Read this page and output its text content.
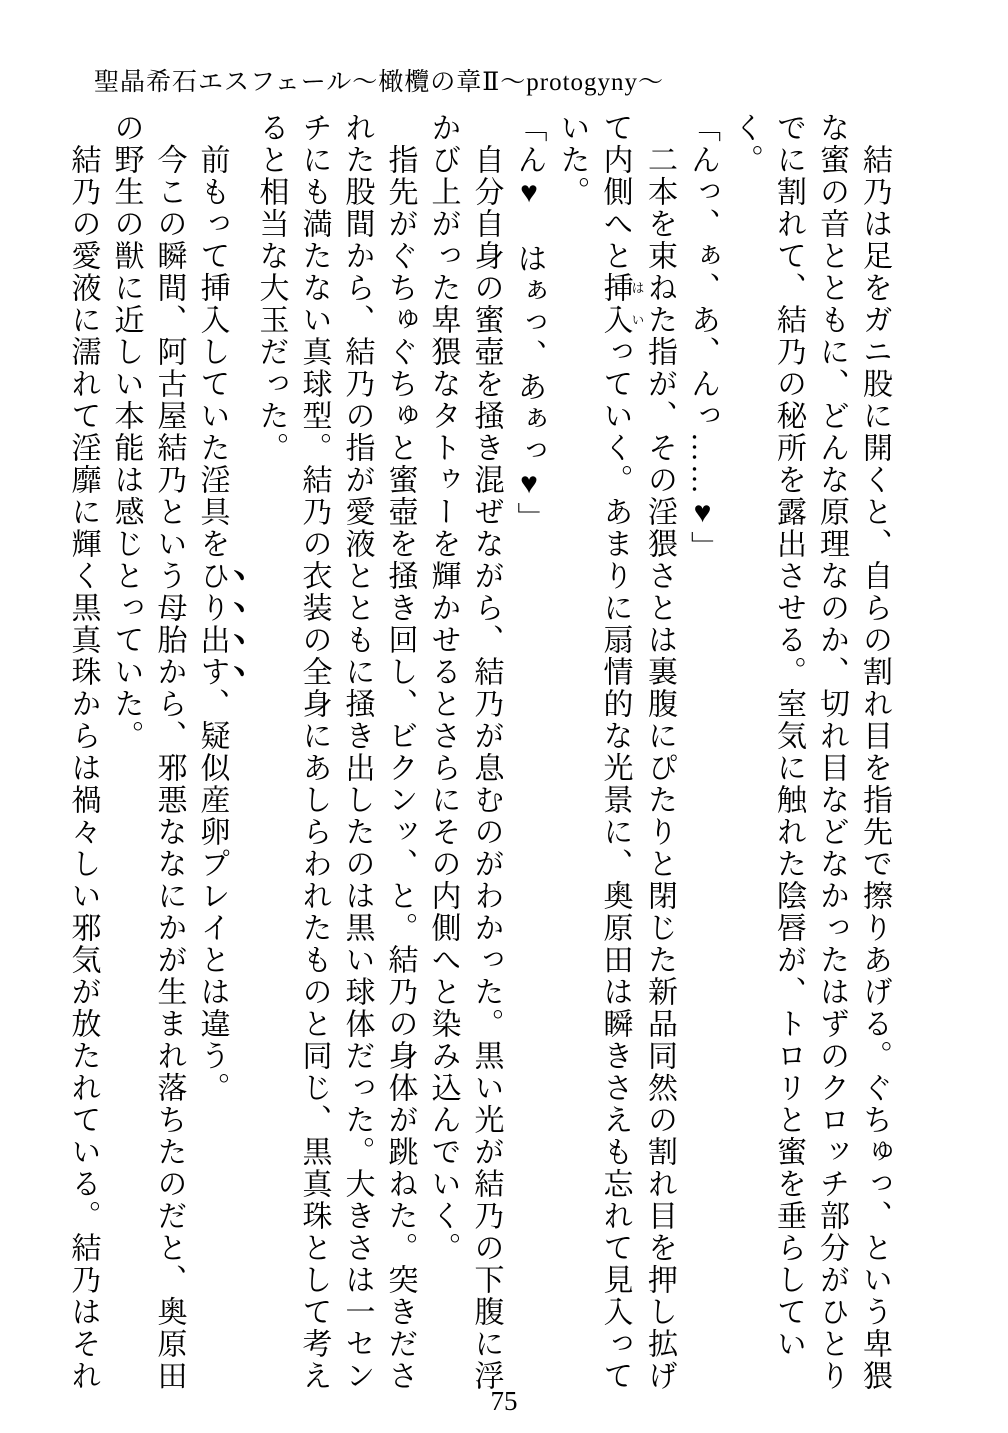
聖晶希石エスフェール～橄欖の章Ⅱ～protogyny～

結乃は足をガニ股に開くと、自らの割れ目を指先で擦りあげる。ぐちゅっ、という卑猥な蜜の音とともに、どんな原理なのか、切れ目などなかったはずのクロッチ部分がひとりでに割れて、結乃の秘所を露出させる。室気に触れた陰唇が、トロリと蜜を垂らしていく。

「んっ、ぁ、あ、んっ……♥」

二本を束ねた指が、その淫猥さとは裏腹にぴたりと閉じた新品同然の割れ目を押し拡げて内側へと挿入はいっていく。あまりに扇情的な光景に、奥原田は瞬きさえも忘れて見入っていた。

「ん♥　はぁっ、あぁっ♥」

自分自身の蜜壺を掻き混ぜながら、結乃が息むのがわかった。黒い光が結乃の下腹に浮かび上がった卑猥なタトゥーを輝かせるとさらにその内側へと染み込んでいく。

指先がぐちゅぐちゅと蜜壺を掻き回し、ビクンッ、と。結乃の身体が跳ねた。突きだされた股間から、結乃の指が愛液とともに掻き出したのは黒い球体だった。大きさは一センチにも満たない真球型。結乃の衣装の全身にあしらわれたものと同じ、黒真珠として考えると相当な大玉だった。

前もって挿入していた淫具をひり出す、疑似産卵プレイとは違う。

今この瞬間、阿古屋結乃という母胎から、邪悪ななにかが生まれ落ちたのだと、奥原田の野生の獣に近しい本能は感じとっていた。

結乃の愛液に濡れて淫靡に輝く黒真珠からは禍々しい邪気が放たれている。結乃はそれ

75
